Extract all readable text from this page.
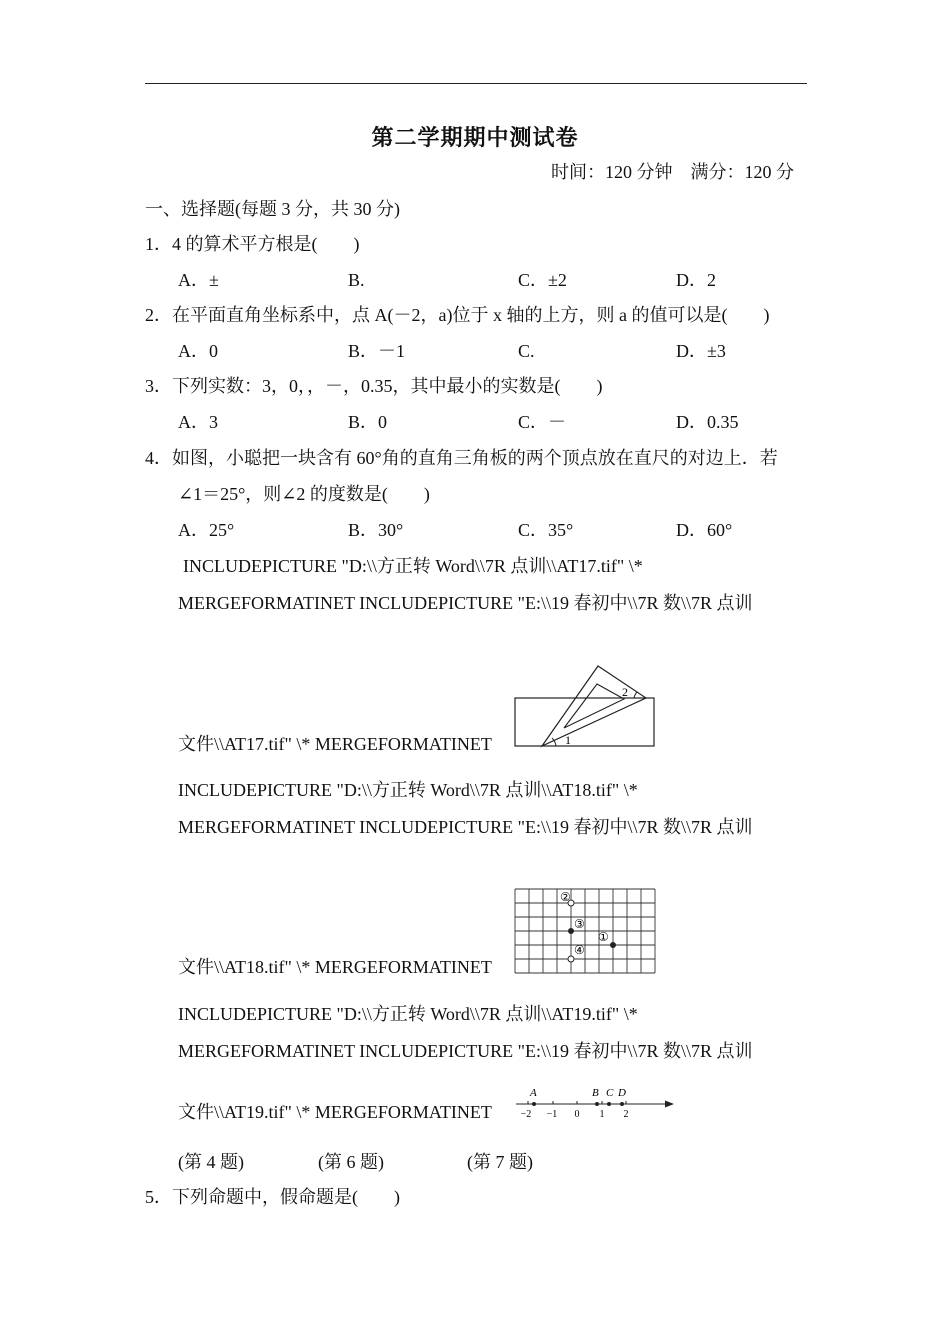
第二学期期中测试卷
时间：120 分钟　满分：120 分
一、选择题(每题 3 分，共 30 分)
1．4 的算术平方根是(　　)
A．±	B.	C．±2	D．2
2．在平面直角坐标系中，点 A(－2，a)位于 x 轴的上方，则 a 的值可以是(　　)
A．0	B．－1	C.	D．±3
3．下列实数：3，0，，－，0.35，其中最小的实数是(　　)
A．3	B．0	C．－	D．0.35
4．如图，小聪把一块含有 60°角的直角三角板的两个顶点放在直尺的对边上．若
∠1＝25°，则∠2 的度数是(　　)
A．25°	B．30°	C．35°	D．60°
INCLUDEPICTURE "D:\\方正转 Word\\7R 点训\\AT17.tif" \*
MERGEFORMATINET INCLUDEPICTURE "E:\\19 春初中\\7R 数\\7R 点训
文件\\AT17.tif" \* MERGEFORMATINET	1
2
INCLUDEPICTURE "D:\\方正转 Word\\7R 点训\\AT18.tif" \*
MERGEFORMATINET INCLUDEPICTURE "E:\\19 春初中\\7R 数\\7R 点训
文件\\AT18.tif" \* MERGEFORMATINET
①
②
③
④
INCLUDEPICTURE "D:\\方正转 Word\\7R 点训\\AT19.tif" \*
MERGEFORMATINET INCLUDEPICTURE "E:\\19 春初中\\7R 数\\7R 点训
文件\\AT19.tif" \* MERGEFORMATINET
A	B C D
−2 −1 0 1 2
(第 4 题)	(第 6 题)	(第 7 题)
5．下列命题中，假命题是(　　)
